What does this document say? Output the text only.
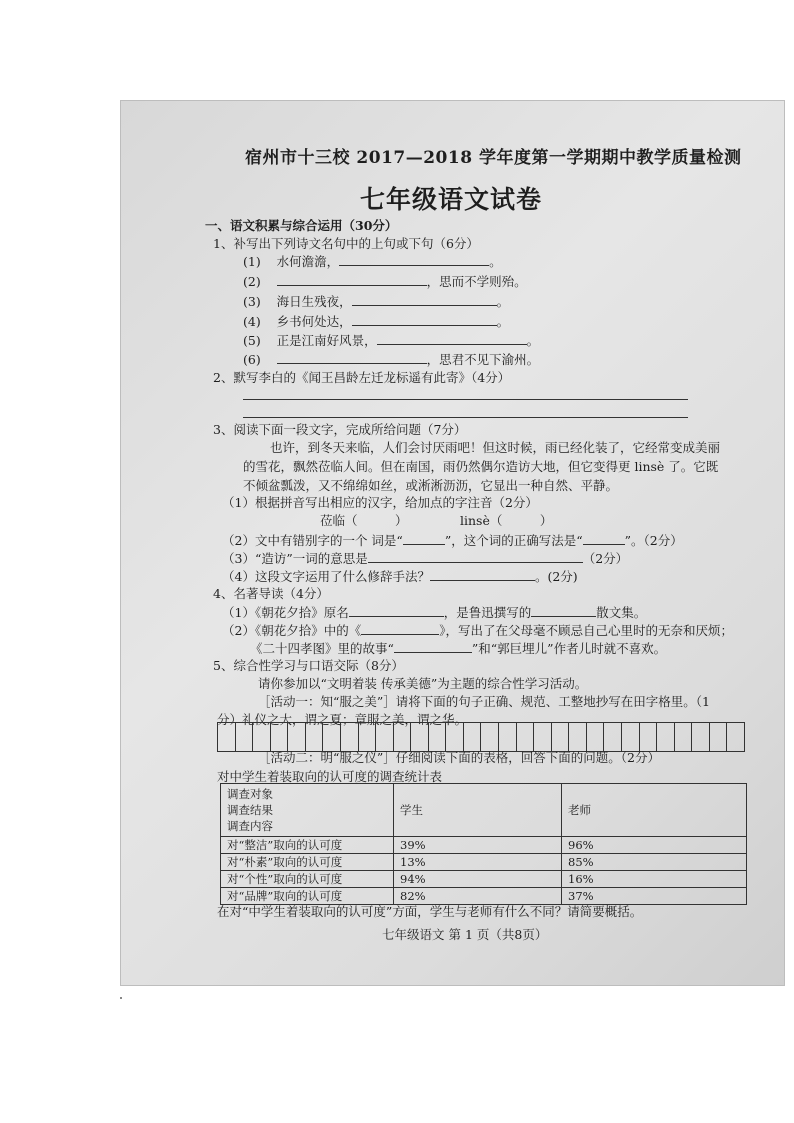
宿州市十三校 2017—2018 学年度第一学期期中教学质量检测
七年级语文试卷
一、语文积累与综合运用（30分）
1、补写出下列诗文名句中的上句或下句（6分）
(1) 水何澹澹，	。
(2)	，思而不学则殆。
(3) 海日生残夜，	。
(4) 乡书何处达，	。
(5) 正是江南好风景，	。
(6)	，思君不见下渝州。
2、默写李白的《闻王昌龄左迁龙标遥有此寄》（4分）
3、阅读下面一段文字，完成所给问题（7分）
也许，到冬天来临，人们会讨厌雨吧！但这时候，雨已经化装了，它经常变成美丽
的雪花，飘然莅临人间。但在南国，雨仍然偶尔造访大地，但它变得更 linsè 了。它既
不倾盆瓢泼，又不绵绵如丝，或淅淅沥沥，它显出一种自然、平静。
（1）根据拼音写出相应的汉字，给加点的字注音（2分）
莅临（　　　）	linsè（　　　）
（2）文中有错别字的一个 词是“	”，这个词的正确写法是“	”。（2分）
（3）“造访”一词的意思是	（2分）
（4）这段文字运用了什么修辞手法？	。(2分)
4、名著导读（4分）
（1）《朝花夕拾》原名	，是鲁迅撰写的	散文集。
（2）《朝花夕拾》中的《	》，写出了在父母毫不顾忌自己心里时的无奈和厌烦；
《二十四孝图》里的故事“	”和“郭巨埋儿”作者儿时就不喜欢。
5、综合性学习与口语交际（8分）
请你参加以“文明着装 传承美德”为主题的综合性学习活动。
［活动一：知“服之美”］请将下面的句子正确、规范、工整地抄写在田字格里。（1
分）礼仪之大，谓之夏；章服之美，谓之华。
［活动二：明“服之仪”］仔细阅读下面的表格，回答下面的问题。（2分）
对中学生着装取向的认可度的调查统计表
调查对象
调查结果
调查内容	学生	老师
对“整洁”取向的认可度	39%	96%
对“朴素”取向的认可度	13%	85%
对“个性”取向的认可度	94%	16%
对“品牌”取向的认可度	82%	37%
在对“中学生着装取向的认可度”方面，学生与老师有什么不同？请简要概括。
七年级语文 第 1 页（共8页）
